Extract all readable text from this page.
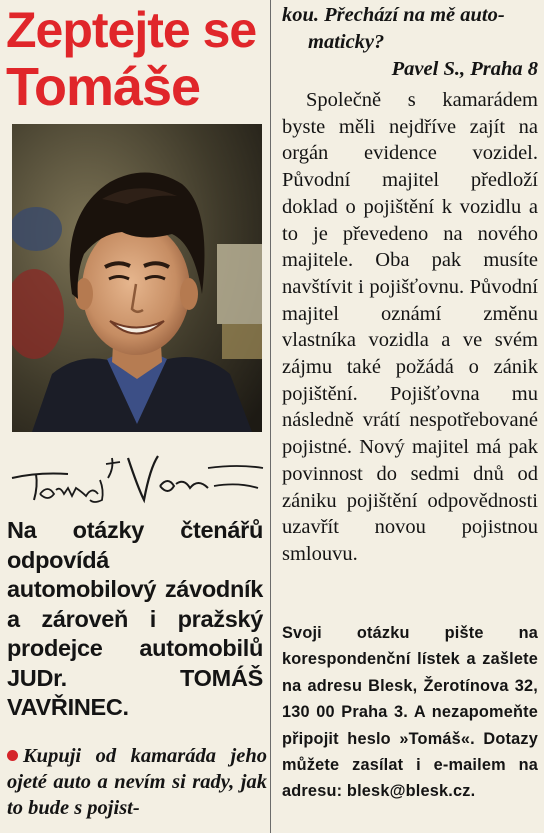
Zeptejte se
Tomáše

Na otázky čtenářů odpovídá automobilový závodník a zároveň i pražský prodejce automobilů JUDr. TOMÁŠ VAVŘINEC.

Kupuji od kamaráda jeho ojeté auto a nevím si rady, jak to bude s pojist-

kou. Přechází na mě auto-
maticky?

Pavel S., Praha 8

Společně s kamarádem byste měli nejdříve zajít na orgán evidence vozidel. Původní majitel předloží doklad o pojištění k vozidlu a to je převedeno na nového majitele. Oba pak musíte navštívit i pojišťovnu. Původní majitel oznámí změnu vlastníka vozidla a ve svém zájmu také požádá o zánik pojištění. Pojišťovna mu následně vrátí nespotřebované pojistné. Nový majitel má pak povinnost do sedmi dnů od zániku pojištění odpovědnosti uzavřít novou pojistnou smlouvu.

Svoji otázku pište na korespondenční lístek a zašlete na adresu Blesk, Žerotínova 32, 130 00 Praha 3. A nezapomeňte připojit heslo »Tomáš«. Dotazy můžete zasílat i e-mailem na adresu: blesk@blesk.cz.
